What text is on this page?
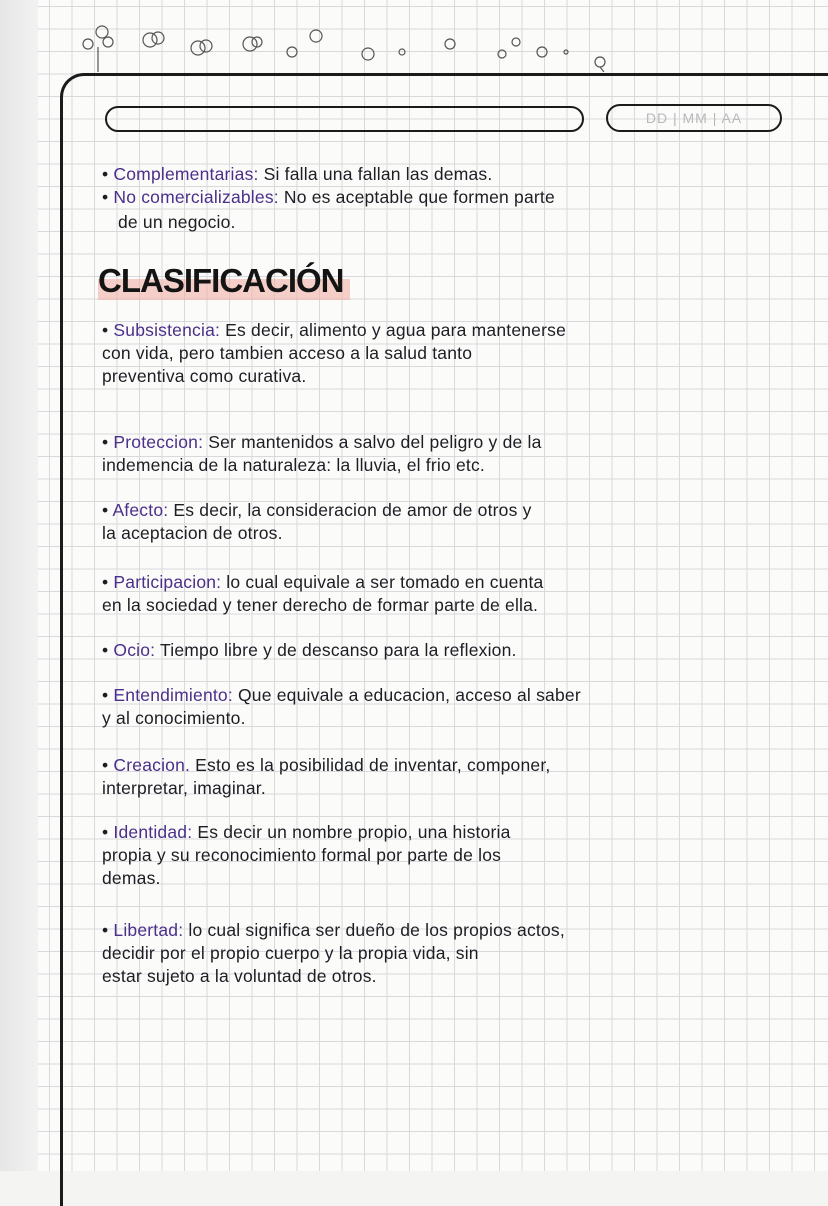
DD | MM | AA
• Complementarias: Si falla una fallan las demas.
• No comercializables: No es aceptable que formen parte
de un negocio.
CLASIFICACIÓN
• Subsistencia: Es decir, alimento y agua para mantenerse
con vida, pero tambien acceso a la salud tanto
preventiva como curativa.
• Proteccion: Ser mantenidos a salvo del peligro y de la
indemencia de la naturaleza: la lluvia, el frio etc.
• Afecto: Es decir, la consideracion de amor de otros y
la aceptacion de otros.
• Participacion: lo cual equivale a ser tomado en cuenta
en la sociedad y tener derecho de formar parte de ella.
• Ocio: Tiempo libre y de descanso para la reflexion.
• Entendimiento: Que equivale a educacion, acceso al saber
y al conocimiento.
• Creacion. Esto es la posibilidad de inventar, componer,
interpretar, imaginar.
• Identidad: Es decir un nombre propio, una historia
propia y su reconocimiento formal por parte de los
demas.
• Libertad: lo cual significa ser dueño de los propios actos,
decidir por el propio cuerpo y la propia vida, sin
estar sujeto a la voluntad de otros.
